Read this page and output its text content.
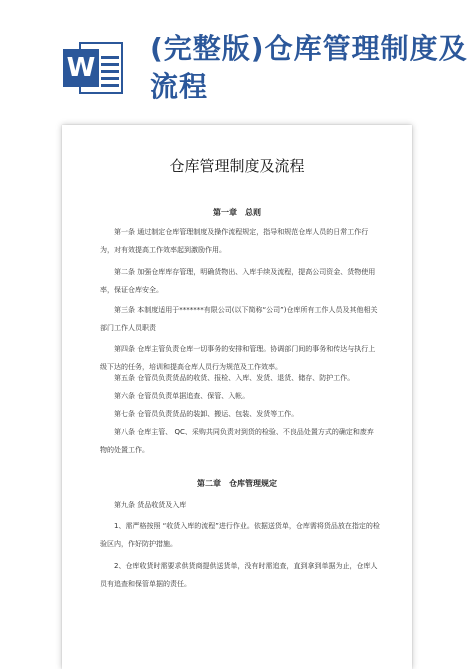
W
(完整版)仓库管理制度及流程
仓库管理制度及流程
第一章　总则

第一条 通过制定仓库管理制度及操作流程规定，指导和规范仓库人员的日常工作行为，对有效提高工作效率起到激励作用。

第二条 加强仓库库存管理，明确货物出、入库手续及流程，提高公司资金、货物使用率，保证仓库安全。

第三条 本制度适用于*******有限公司(以下简称“公司”)仓库所有工作人员及其他相关部门工作人员职责

第四条 仓库主管负责仓库一切事务的安排和管理。协调部门间的事务和传达与执行上级下达的任务，培训和提高仓库人员行为规范及工作效率。

第五条 仓管员负责货品的收货、报检、入库、发货、退货、储存、防护工作。

第六条 仓管员负责单据追查、保管、入帐。

第七条 仓管员负责货品的装卸、搬运、包装、发货等工作。

第八条 仓库主管、 QC、采购共同负责对到货的检验、不良品处置方式的确定和废弃物的处置工作。

第二章　仓库管理规定

第九条 货品收货及入库

1、需严格按照 “收货入库的流程”进行作业。依据送货单，仓库需将货品放在指定的检验区内，作好防护措施。

2、仓库收货时需要求供货商提供送货单，没有时需追查，直到拿到单据为止，仓库人员有追查和保管单据的责任。
